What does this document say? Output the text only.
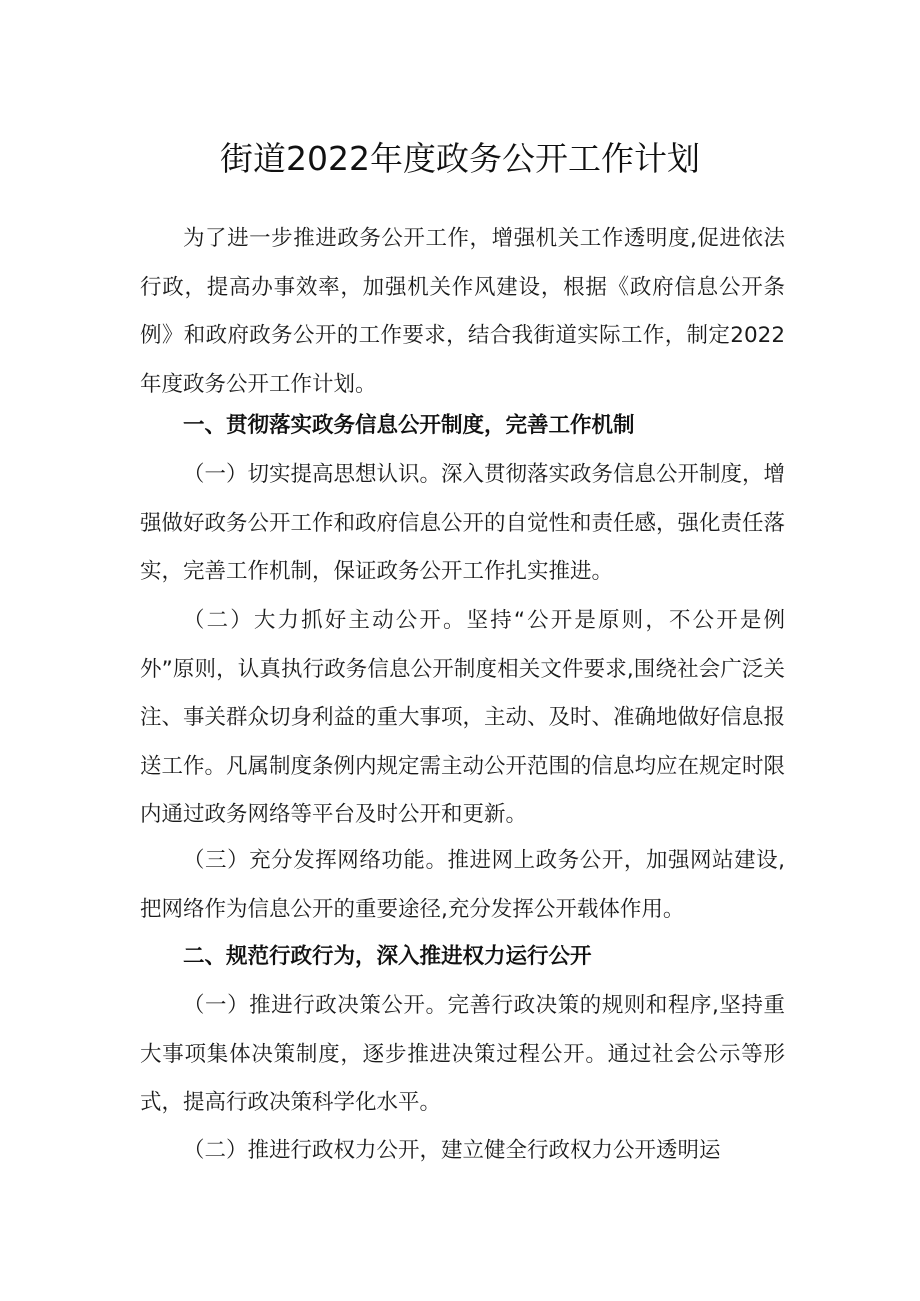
街道2022年度政务公开工作计划

为了进一步推进政务公开工作，增强机关工作透明度,促进依法行政，提高办事效率，加强机关作风建设，根据《政府信息公开条例》和政府政务公开的工作要求，结合我街道实际工作，制定2022年度政务公开工作计划。

一、贯彻落实政务信息公开制度，完善工作机制

（一）切实提高思想认识。深入贯彻落实政务信息公开制度，增强做好政务公开工作和政府信息公开的自觉性和责任感，强化责任落实，完善工作机制，保证政务公开工作扎实推进。

（二）大力抓好主动公开。坚持“公开是原则，不公开是例外”原则，认真执行政务信息公开制度相关文件要求,围绕社会广泛关注、事关群众切身利益的重大事项，主动、及时、准确地做好信息报送工作。凡属制度条例内规定需主动公开范围的信息均应在规定时限内通过政务网络等平台及时公开和更新。

（三）充分发挥网络功能。推进网上政务公开，加强网站建设,把网络作为信息公开的重要途径,充分发挥公开载体作用。

二、规范行政行为，深入推进权力运行公开

（一）推进行政决策公开。完善行政决策的规则和程序,坚持重大事项集体决策制度，逐步推进决策过程公开。通过社会公示等形式，提高行政决策科学化水平。

（二）推进行政权力公开，建立健全行政权力公开透明运
